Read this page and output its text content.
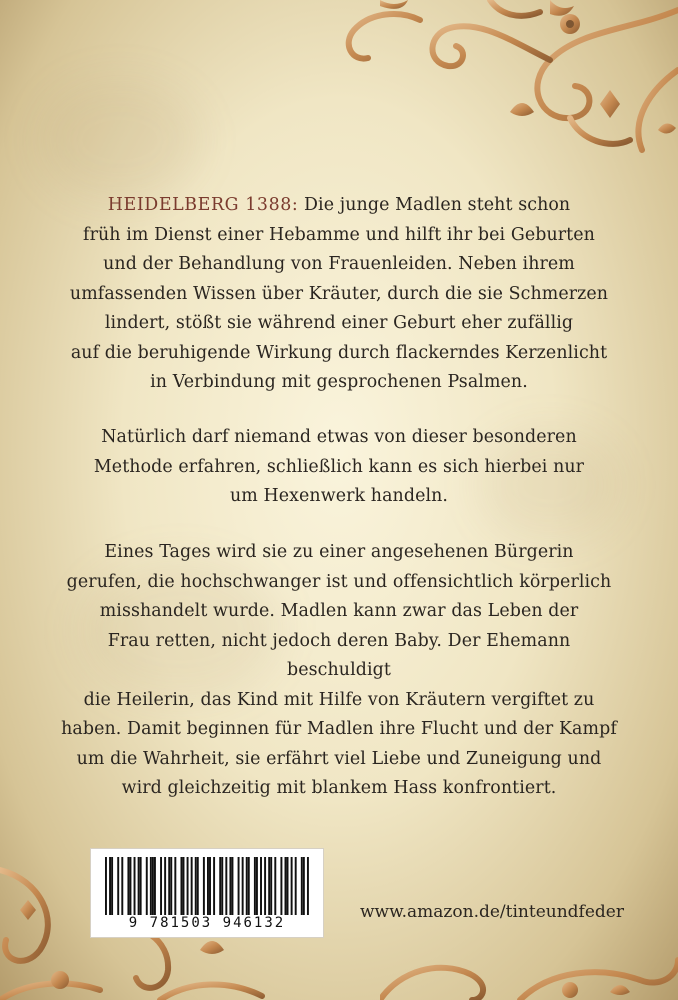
HEIDELBERG 1388: Die junge Madlen steht schon

früh im Dienst einer Hebamme und hilft ihr bei Geburten

und der Behandlung von Frauenleiden. Neben ihrem

umfassenden Wissen über Kräuter, durch die sie Schmerzen

lindert, stößt sie während einer Geburt eher zufällig

auf die beruhigende Wirkung durch flackerndes Kerzenlicht

in Verbindung mit gesprochenen Psalmen.

Natürlich darf niemand etwas von dieser besonderen

Methode erfahren, schließlich kann es sich hierbei nur

um Hexenwerk handeln.

Eines Tages wird sie zu einer angesehenen Bürgerin

gerufen, die hochschwanger ist und offensichtlich körperlich

misshandelt wurde. Madlen kann zwar das Leben der

Frau retten, nicht jedoch deren Baby. Der Ehemann beschuldigt

die Heilerin, das Kind mit Hilfe von Kräutern vergiftet zu

haben. Damit beginnen für Madlen ihre Flucht und der Kampf

um die Wahrheit, sie erfährt viel Liebe und Zuneigung und

wird gleichzeitig mit blankem Hass konfrontiert.

9 781503 946132
www.amazon.de/tinteundfeder
